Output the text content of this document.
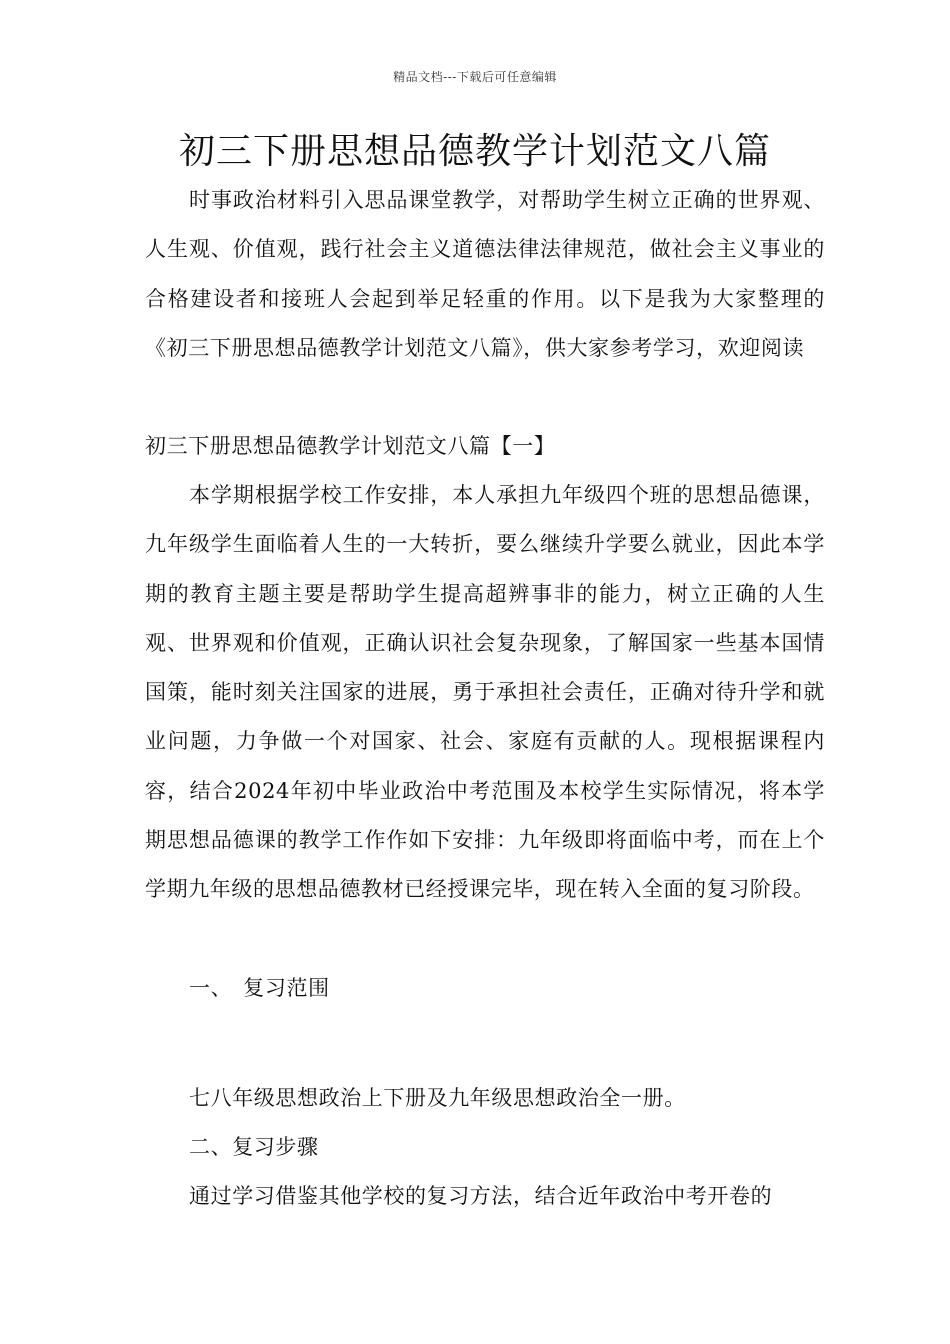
精品文档---下载后可任意编辑
初三下册思想品德教学计划范文八篇

时事政治材料引入思品课堂教学，对帮助学生树立正确的世界观、人生观、价值观，践行社会主义道德法律法律规范，做社会主义事业的合格建设者和接班人会起到举足轻重的作用。以下是我为大家整理的《初三下册思想品德教学计划范文八篇》，供大家参考学习，欢迎阅读

初三下册思想品德教学计划范文八篇【一】

本学期根据学校工作安排，本人承担九年级四个班的思想品德课，九年级学生面临着人生的一大转折，要么继续升学要么就业，因此本学期的教育主题主要是帮助学生提高超辨事非的能力，树立正确的人生观、世界观和价值观，正确认识社会复杂现象，了解国家一些基本国情国策，能时刻关注国家的进展，勇于承担社会责任，正确对待升学和就业问题，力争做一个对国家、社会、家庭有贡献的人。现根据课程内容，结合2024年初中毕业政治中考范围及本校学生实际情况，将本学期思想品德课的教学工作作如下安排：九年级即将面临中考，而在上个学期九年级的思想品德教材已经授课完毕，现在转入全面的复习阶段。

一、　复习范围

七八年级思想政治上下册及九年级思想政治全一册。

二、复习步骤

通过学习借鉴其他学校的复习方法，结合近年政治中考开卷的
